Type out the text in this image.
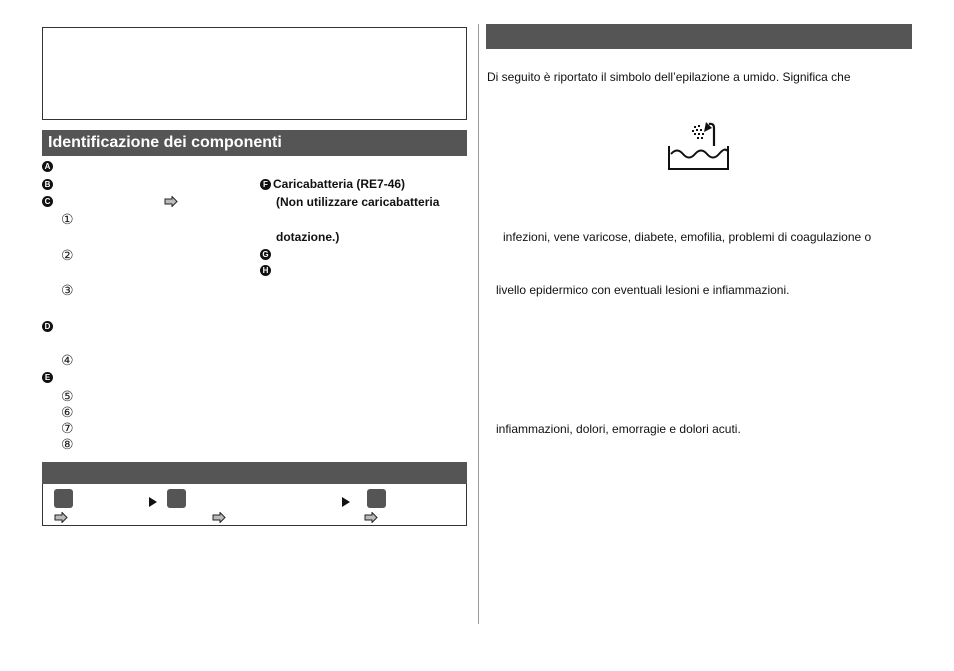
Identificazione dei componenti
A
B
C
①
②
③
D
④
E
⑤
⑥
⑦
⑧
F Caricabatteria (RE7-46)
(Non utilizzare caricabatteria
dotazione.)
G
H
Di seguito è riportato il simbolo dell’epilazione a umido. Significa che
infezioni, vene varicose, diabete, emofilia, problemi di coagulazione o
livello epidermico con eventuali lesioni e infiammazioni.
infiammazioni, dolori, emorragie e dolori acuti.
